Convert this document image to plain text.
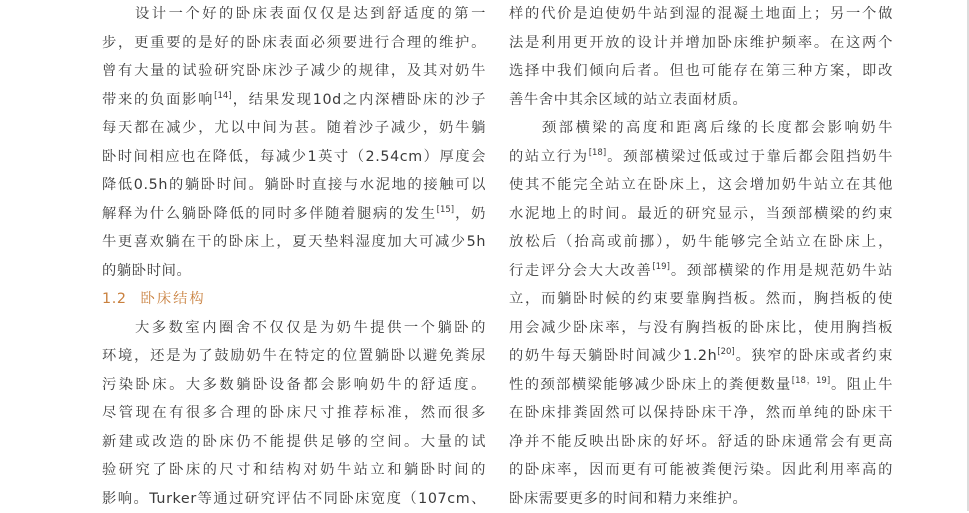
设计一个好的卧床表面仅仅是达到舒适度的第一
步，更重要的是好的卧床表面必须要进行合理的维护。
曾有大量的试验研究卧床沙子减少的规律，及其对奶牛
带来的负面影响[14]，结果发现10d之内深槽卧床的沙子
每天都在减少，尤以中间为甚。随着沙子减少，奶牛躺
卧时间相应也在降低，每减少1英寸（2.54cm）厚度会
降低0.5h的躺卧时间。躺卧时直接与水泥地的接触可以
解释为什么躺卧降低的同时多伴随着腿病的发生[15]，奶
牛更喜欢躺在干的卧床上，夏天垫料湿度加大可减少5h
的躺卧时间。
1.2 卧床结构
大多数室内圈舍不仅仅是为奶牛提供一个躺卧的
环境，还是为了鼓励奶牛在特定的位置躺卧以避免粪尿
污染卧床。大多数躺卧设备都会影响奶牛的舒适度。
尽管现在有很多合理的卧床尺寸推荐标准，然而很多
新建或改造的卧床仍不能提供足够的空间。大量的试
验研究了卧床的尺寸和结构对奶牛站立和躺卧时间的
影响。Turker等通过研究评估不同卧床宽度（107cm、
样的代价是迫使奶牛站到湿的混凝土地面上；另一个做
法是利用更开放的设计并增加卧床维护频率。在这两个
选择中我们倾向后者。但也可能存在第三种方案，即改
善牛舍中其余区域的站立表面材质。
颈部横梁的高度和距离后缘的长度都会影响奶牛
的站立行为[18]。颈部横梁过低或过于靠后都会阻挡奶牛
使其不能完全站立在卧床上，这会增加奶牛站立在其他
水泥地上的时间。最近的研究显示，当颈部横梁的约束
放松后（抬高或前挪），奶牛能够完全站立在卧床上，
行走评分会大大改善[19]。颈部横梁的作用是规范奶牛站
立，而躺卧时候的约束要靠胸挡板。然而，胸挡板的使
用会减少卧床率，与没有胸挡板的卧床比，使用胸挡板
的奶牛每天躺卧时间减少1.2h[20]。狭窄的卧床或者约束
性的颈部横梁能够减少卧床上的粪便数量[18，19]。阻止牛
在卧床排粪固然可以保持卧床干净，然而单纯的卧床干
净并不能反映出卧床的好坏。舒适的卧床通常会有更高
的卧床率，因而更有可能被粪便污染。因此利用率高的
卧床需要更多的时间和精力来维护。
